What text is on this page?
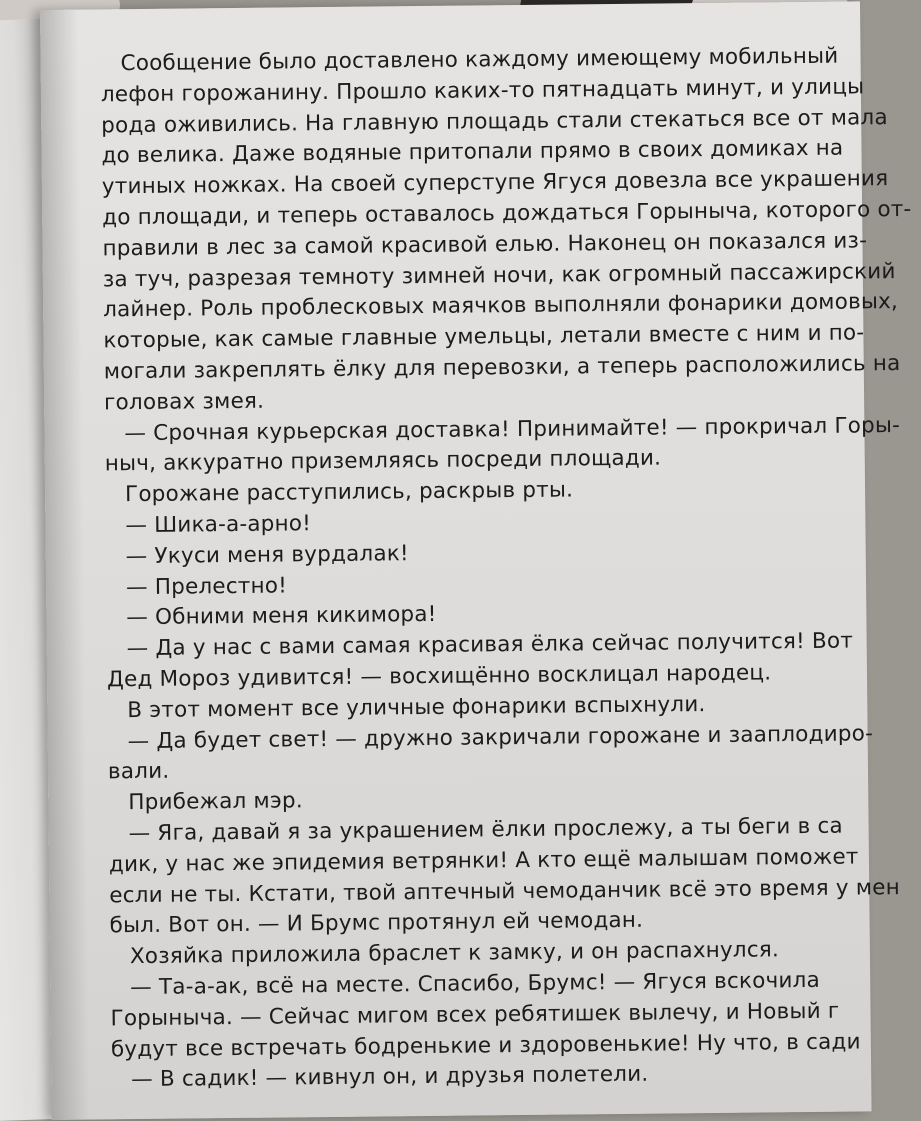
Сообщение было доставлено каждому имеющему мобильный
лефон горожанину. Прошло каких-то пятнадцать минут, и улицы
рода оживились. На главную площадь стали стекаться все от мала
до велика. Даже водяные притопали прямо в своих домиках на
утиных ножках. На своей суперступе Ягуся довезла все украшения
до площади, и теперь оставалось дождаться Горыныча, которого от-
правили в лес за самой красивой елью. Наконец он показался из-
за туч, разрезая темноту зимней ночи, как огромный пассажирский
лайнер. Роль проблесковых маячков выполняли фонарики домовых,
которые, как самые главные умельцы, летали вместе с ним и по-
могали закреплять ёлку для перевозки, а теперь расположились на
головах змея.
— Срочная курьерская доставка! Принимайте! — прокричал Горы-
ныч, аккуратно приземляясь посреди площади.
Горожане расступились, раскрыв рты.
— Шика-а-арно!
— Укуси меня вурдалак!
— Прелестно!
— Обними меня кикимора!
— Да у нас с вами самая красивая ёлка сейчас получится! Вот
Дед Мороз удивится! — восхищённо восклицал народец.
В этот момент все уличные фонарики вспыхнули.
— Да будет свет! — дружно закричали горожане и зааплодиро-
вали.
Прибежал мэр.
— Яга, давай я за украшением ёлки прослежу, а ты беги в са
дик, у нас же эпидемия ветрянки! А кто ещё малышам поможет
если не ты. Кстати, твой аптечный чемоданчик всё это время у мен
был. Вот он. — И Брумс протянул ей чемодан.
Хозяйка приложила браслет к замку, и он распахнулся.
— Та-а-ак, всё на месте. Спасибо, Брумс! — Ягуся вскочила
Горыныча. — Сейчас мигом всех ребятишек вылечу, и Новый г
будут все встречать бодренькие и здоровенькие! Ну что, в сади
— В садик! — кивнул он, и друзья полетели.
